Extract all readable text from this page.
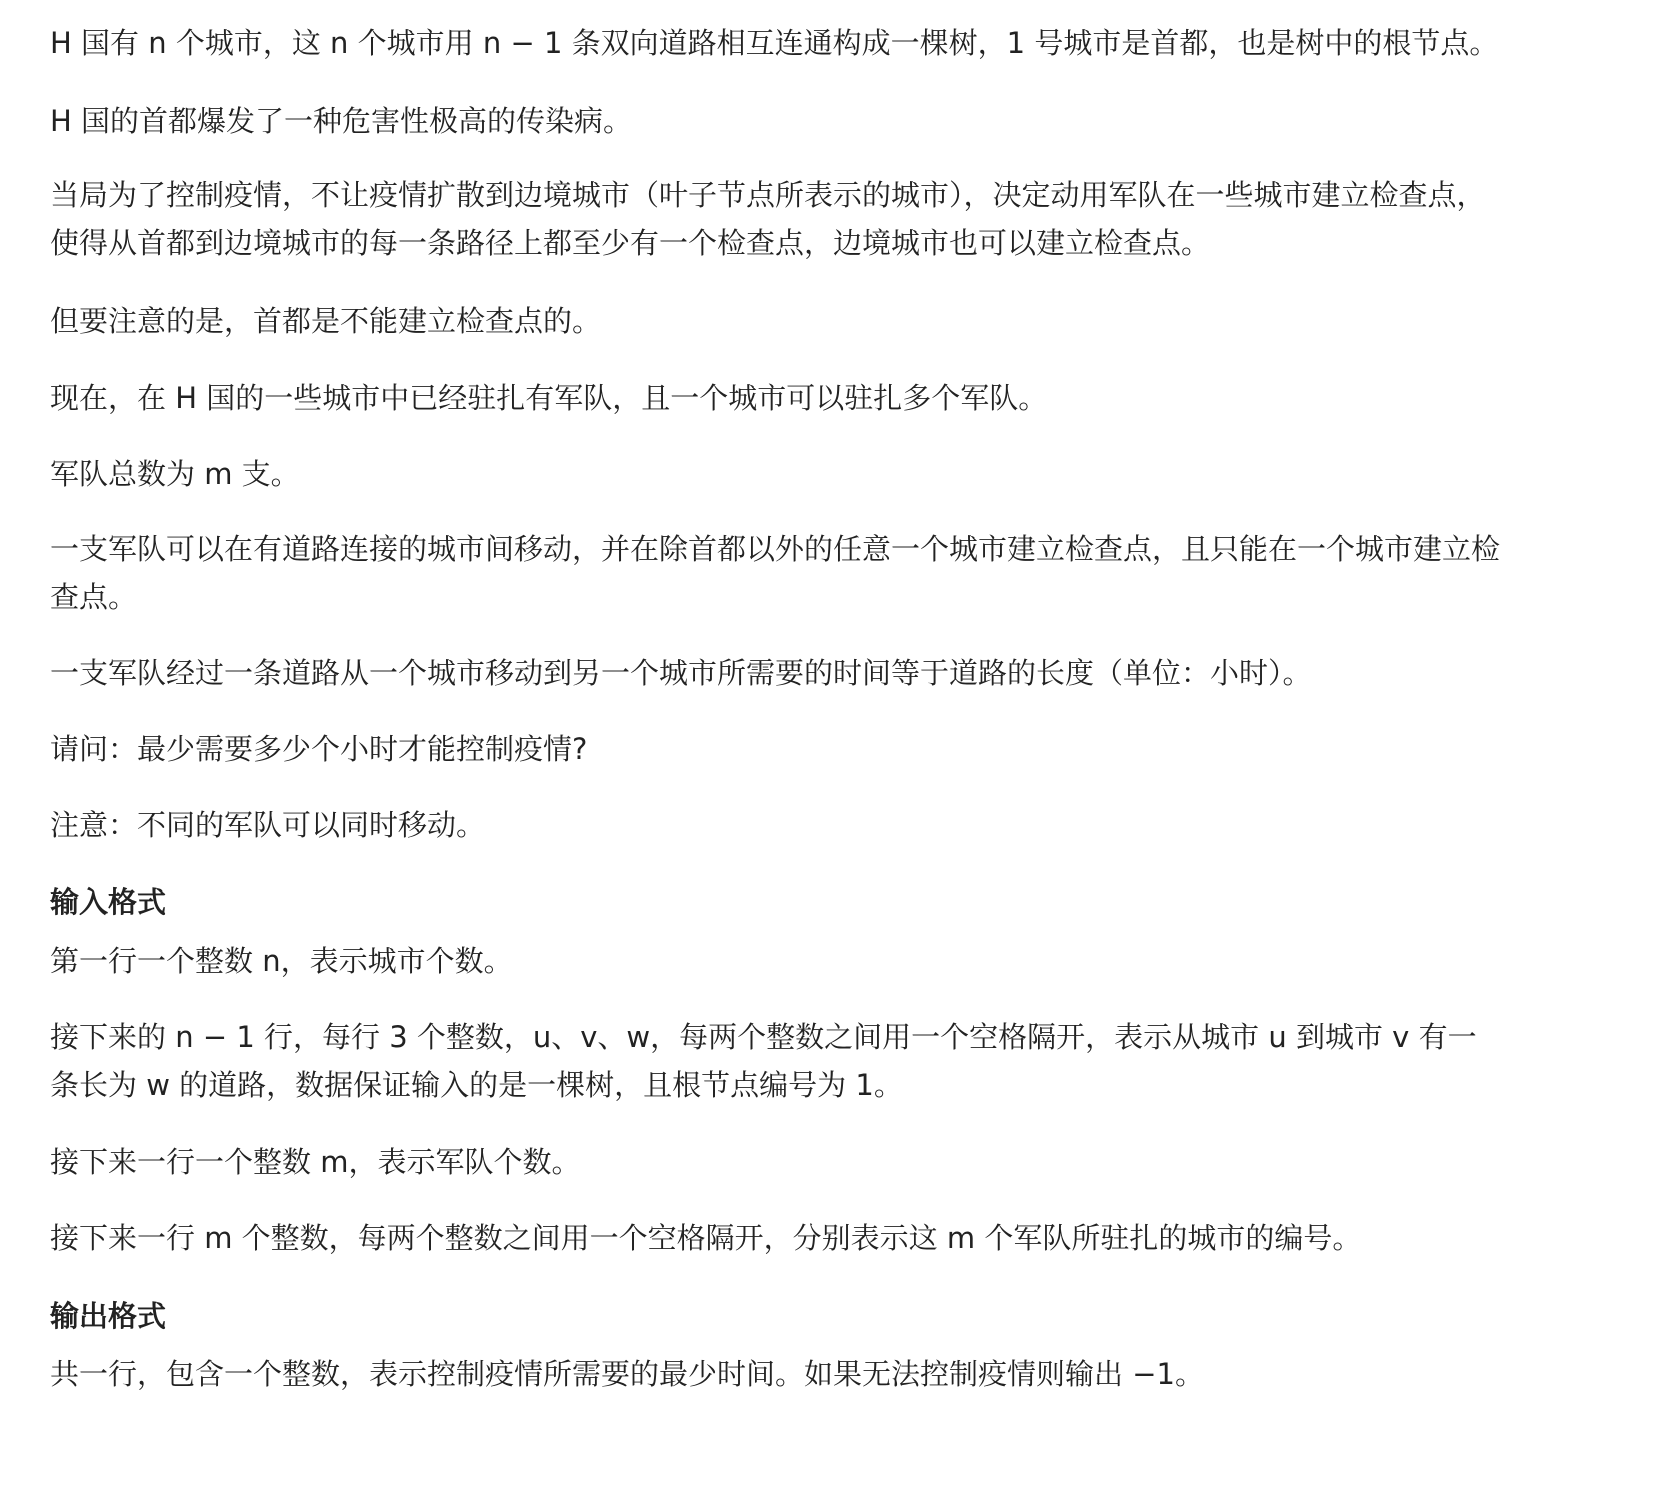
H 国有 n 个城市，这 n 个城市用 n − 1 条双向道路相互连通构成一棵树，1 号城市是首都，也是树中的根节点。

H 国的首都爆发了一种危害性极高的传染病。

当局为了控制疫情，不让疫情扩散到边境城市（叶子节点所表示的城市），决定动用军队在一些城市建立检查点，

使得从首都到边境城市的每一条路径上都至少有一个检查点，边境城市也可以建立检查点。

但要注意的是，首都是不能建立检查点的。

现在，在 H 国的一些城市中已经驻扎有军队，且一个城市可以驻扎多个军队。

军队总数为 m 支。

一支军队可以在有道路连接的城市间移动，并在除首都以外的任意一个城市建立检查点，且只能在一个城市建立检

查点。

一支军队经过一条道路从一个城市移动到另一个城市所需要的时间等于道路的长度（单位：小时）。

请问：最少需要多少个小时才能控制疫情?

注意：不同的军队可以同时移动。

输入格式

第一行一个整数 n，表示城市个数。

接下来的 n − 1 行，每行 3 个整数，u、v、w，每两个整数之间用一个空格隔开，表示从城市 u 到城市 v 有一

条长为 w 的道路，数据保证输入的是一棵树，且根节点编号为 1。

接下来一行一个整数 m，表示军队个数。

接下来一行 m 个整数，每两个整数之间用一个空格隔开，分别表示这 m 个军队所驻扎的城市的编号。

输出格式

共一行，包含一个整数，表示控制疫情所需要的最少时间。如果无法控制疫情则输出 −1。
